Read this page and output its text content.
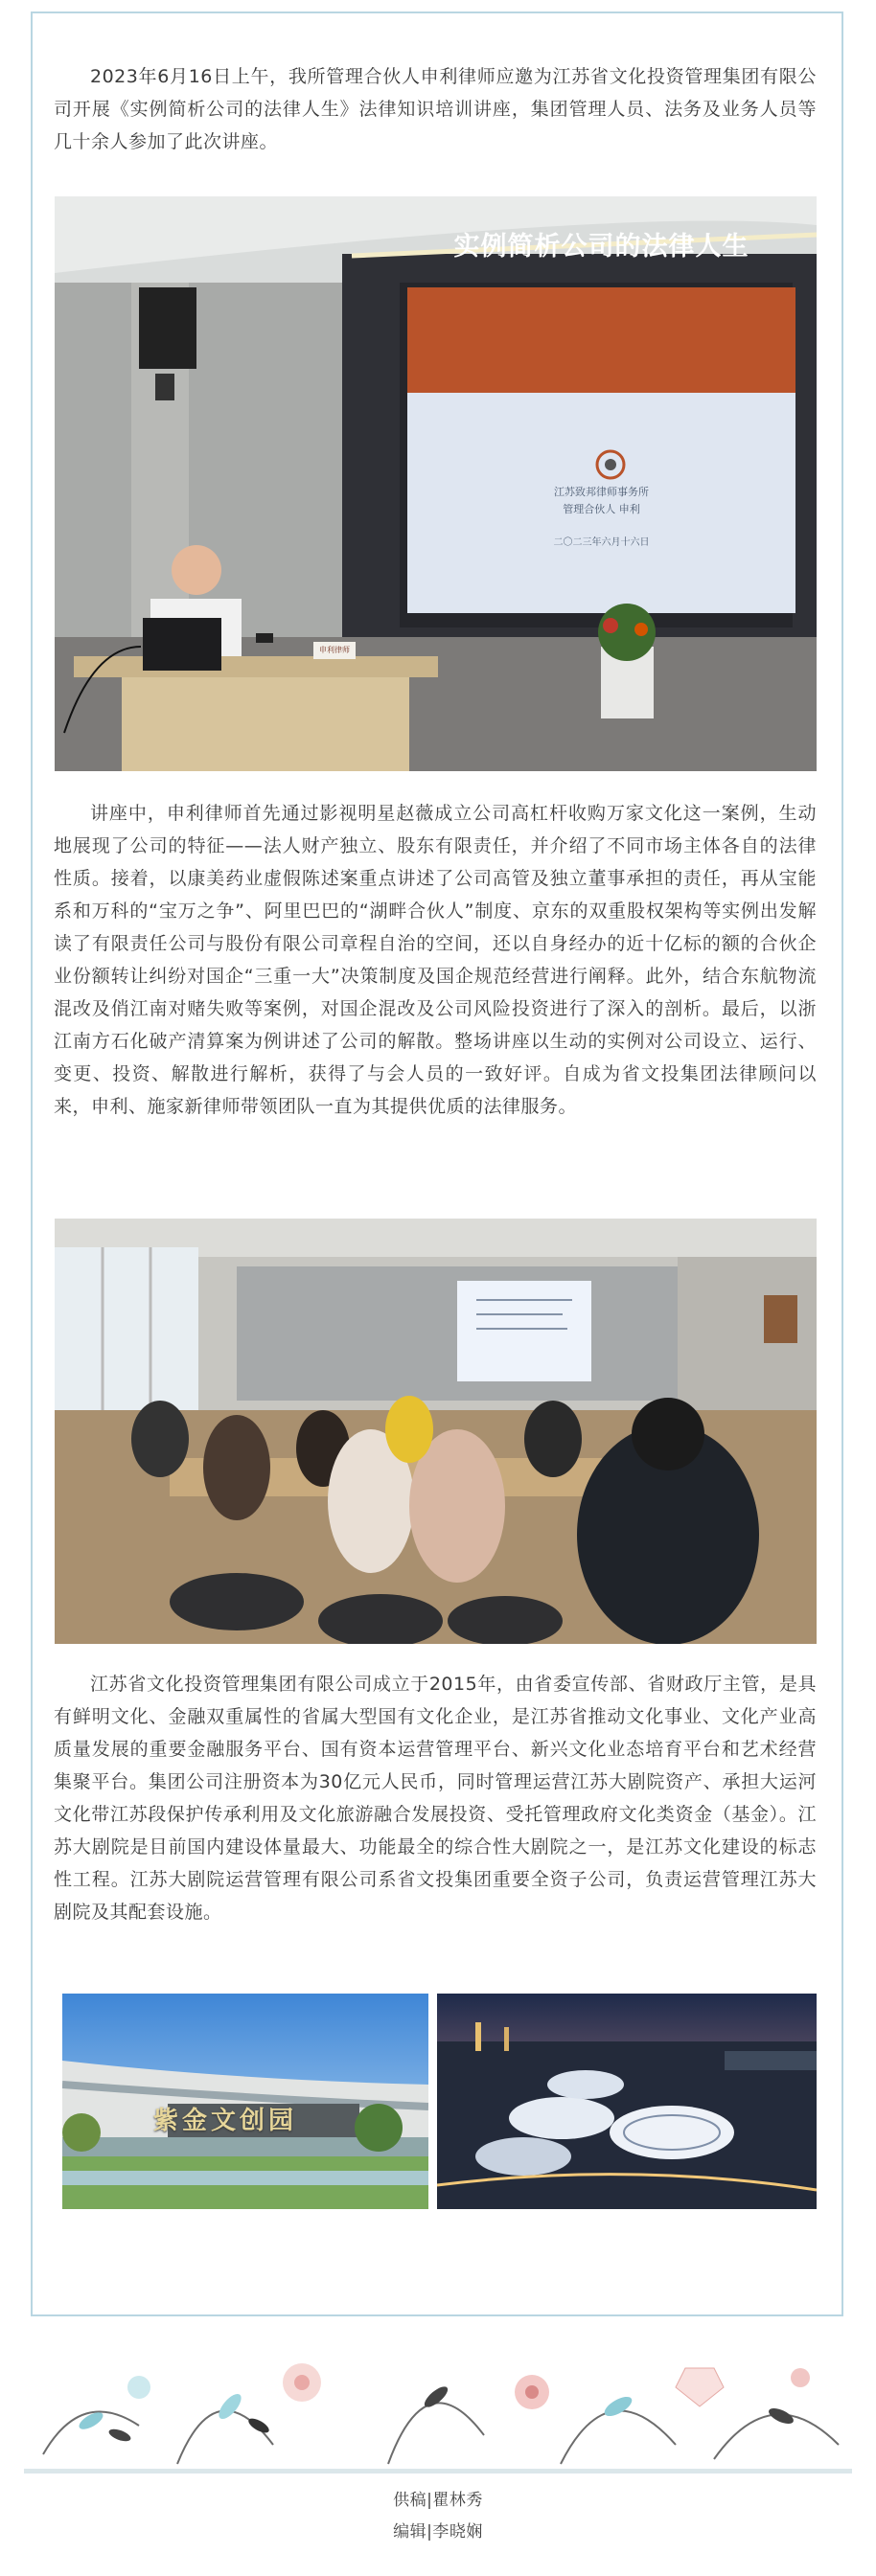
2023年6月16日上午，我所管理合伙人申利律师应邀为江苏省文化投资管理集团有限公司开展《实例简析公司的法律人生》法律知识培训讲座，集团管理人员、法务及业务人员等几十余人参加了此次讲座。

实例简析公司的法律人生
江苏致邦律师事务所
管理合伙人 申利
二〇二三年六月十六日
申利律师

讲座中，申利律师首先通过影视明星赵薇成立公司高杠杆收购万家文化这一案例，生动地展现了公司的特征——法人财产独立、股东有限责任，并介绍了不同市场主体各自的法律性质。接着，以康美药业虚假陈述案重点讲述了公司高管及独立董事承担的责任，再从宝能系和万科的“宝万之争”、阿里巴巴的“湖畔合伙人”制度、京东的双重股权架构等实例出发解读了有限责任公司与股份有限公司章程自治的空间，还以自身经办的近十亿标的额的合伙企业份额转让纠纷对国企“三重一大”决策制度及国企规范经营进行阐释。此外，结合东航物流混改及俏江南对赌失败等案例，对国企混改及公司风险投资进行了深入的剖析。最后，以浙江南方石化破产清算案为例讲述了公司的解散。整场讲座以生动的实例对公司设立、运行、变更、投资、解散进行解析，获得了与会人员的一致好评。自成为省文投集团法律顾问以来，申利、施家新律师带领团队一直为其提供优质的法律服务。

江苏省文化投资管理集团有限公司成立于2015年，由省委宣传部、省财政厅主管，是具有鲜明文化、金融双重属性的省属大型国有文化企业，是江苏省推动文化事业、文化产业高质量发展的重要金融服务平台、国有资本运营管理平台、新兴文化业态培育平台和艺术经营集聚平台。集团公司注册资本为30亿元人民币，同时管理运营江苏大剧院资产、承担大运河文化带江苏段保护传承利用及文化旅游融合发展投资、受托管理政府文化类资金（基金）。江苏大剧院是目前国内建设体量最大、功能最全的综合性大剧院之一，是江苏文化建设的标志性工程。江苏大剧院运营管理有限公司系省文投集团重要全资子公司，负责运营管理江苏大剧院及其配套设施。

紫金文创园
供稿|瞿林秀
编辑|李晓娴
